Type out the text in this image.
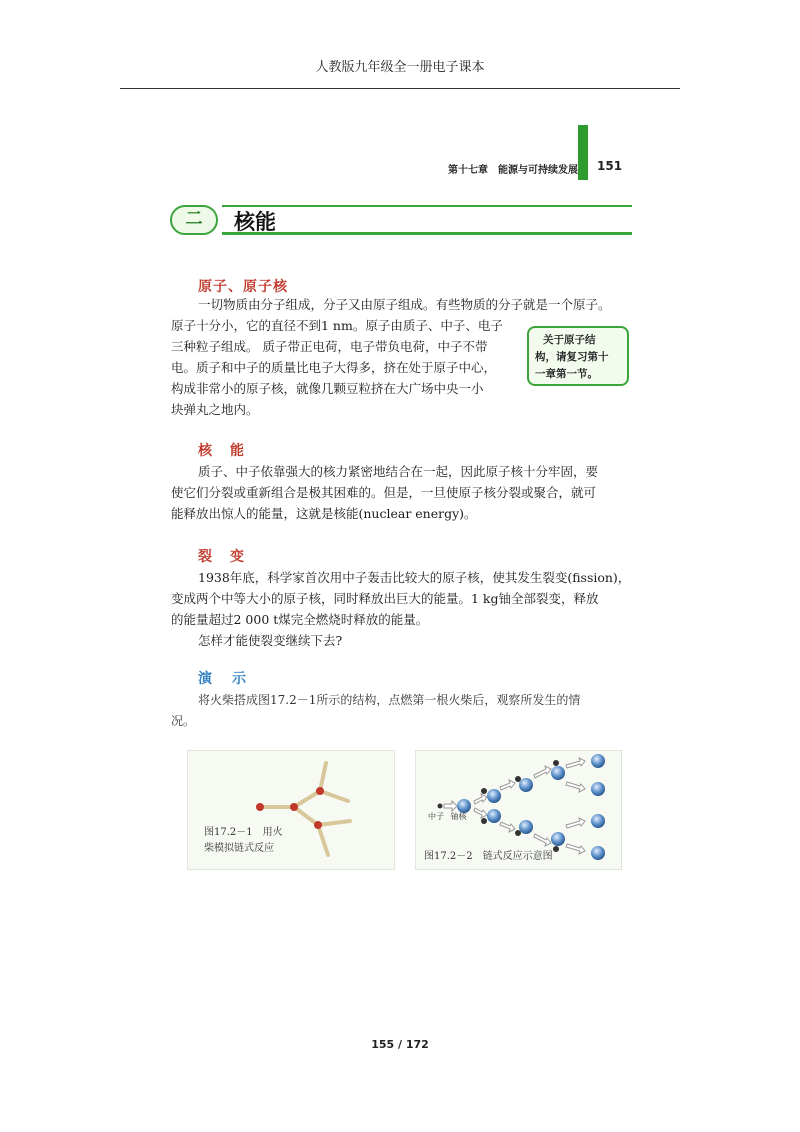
人教版九年级全一册电子课本
第十七章　能源与可持续发展 151
二	核能
原子、原子核
一切物质由分子组成，分子又由原子组成。有些物质的分子就是一个原子。
原子十分小，它的直径不到1 nm。原子由质子、中子、电子
三种粒子组成。 质子带正电荷，电子带负电荷，中子不带
电。质子和中子的质量比电子大得多，挤在处于原子中心，
构成非常小的原子核，就像几颗豆粒挤在大广场中央一小
块弹丸之地内。
关于原子结
构，请复习第十
一章第一节。
核　能
质子、中子依靠强大的核力紧密地结合在一起，因此原子核十分牢固，要
使它们分裂或重新组合是极其困难的。但是，一旦使原子核分裂或聚合，就可
能释放出惊人的能量，这就是核能(nuclear energy)。
裂　变
1938年底，科学家首次用中子轰击比较大的原子核，使其发生裂变(fission)，
变成两个中等大小的原子核，同时释放出巨大的能量。1 kg铀全部裂变，释放
的能量超过2 000 t煤完全燃烧时释放的能量。
怎样才能使裂变继续下去?
演　示
将火柴搭成图17.2－1所示的结构，点燃第一根火柴后，观察所发生的情
况。
图17.2－1　用火
柴模拟链式反应
中子 铀核
图17.2－2　链式反应示意图
155 / 172
